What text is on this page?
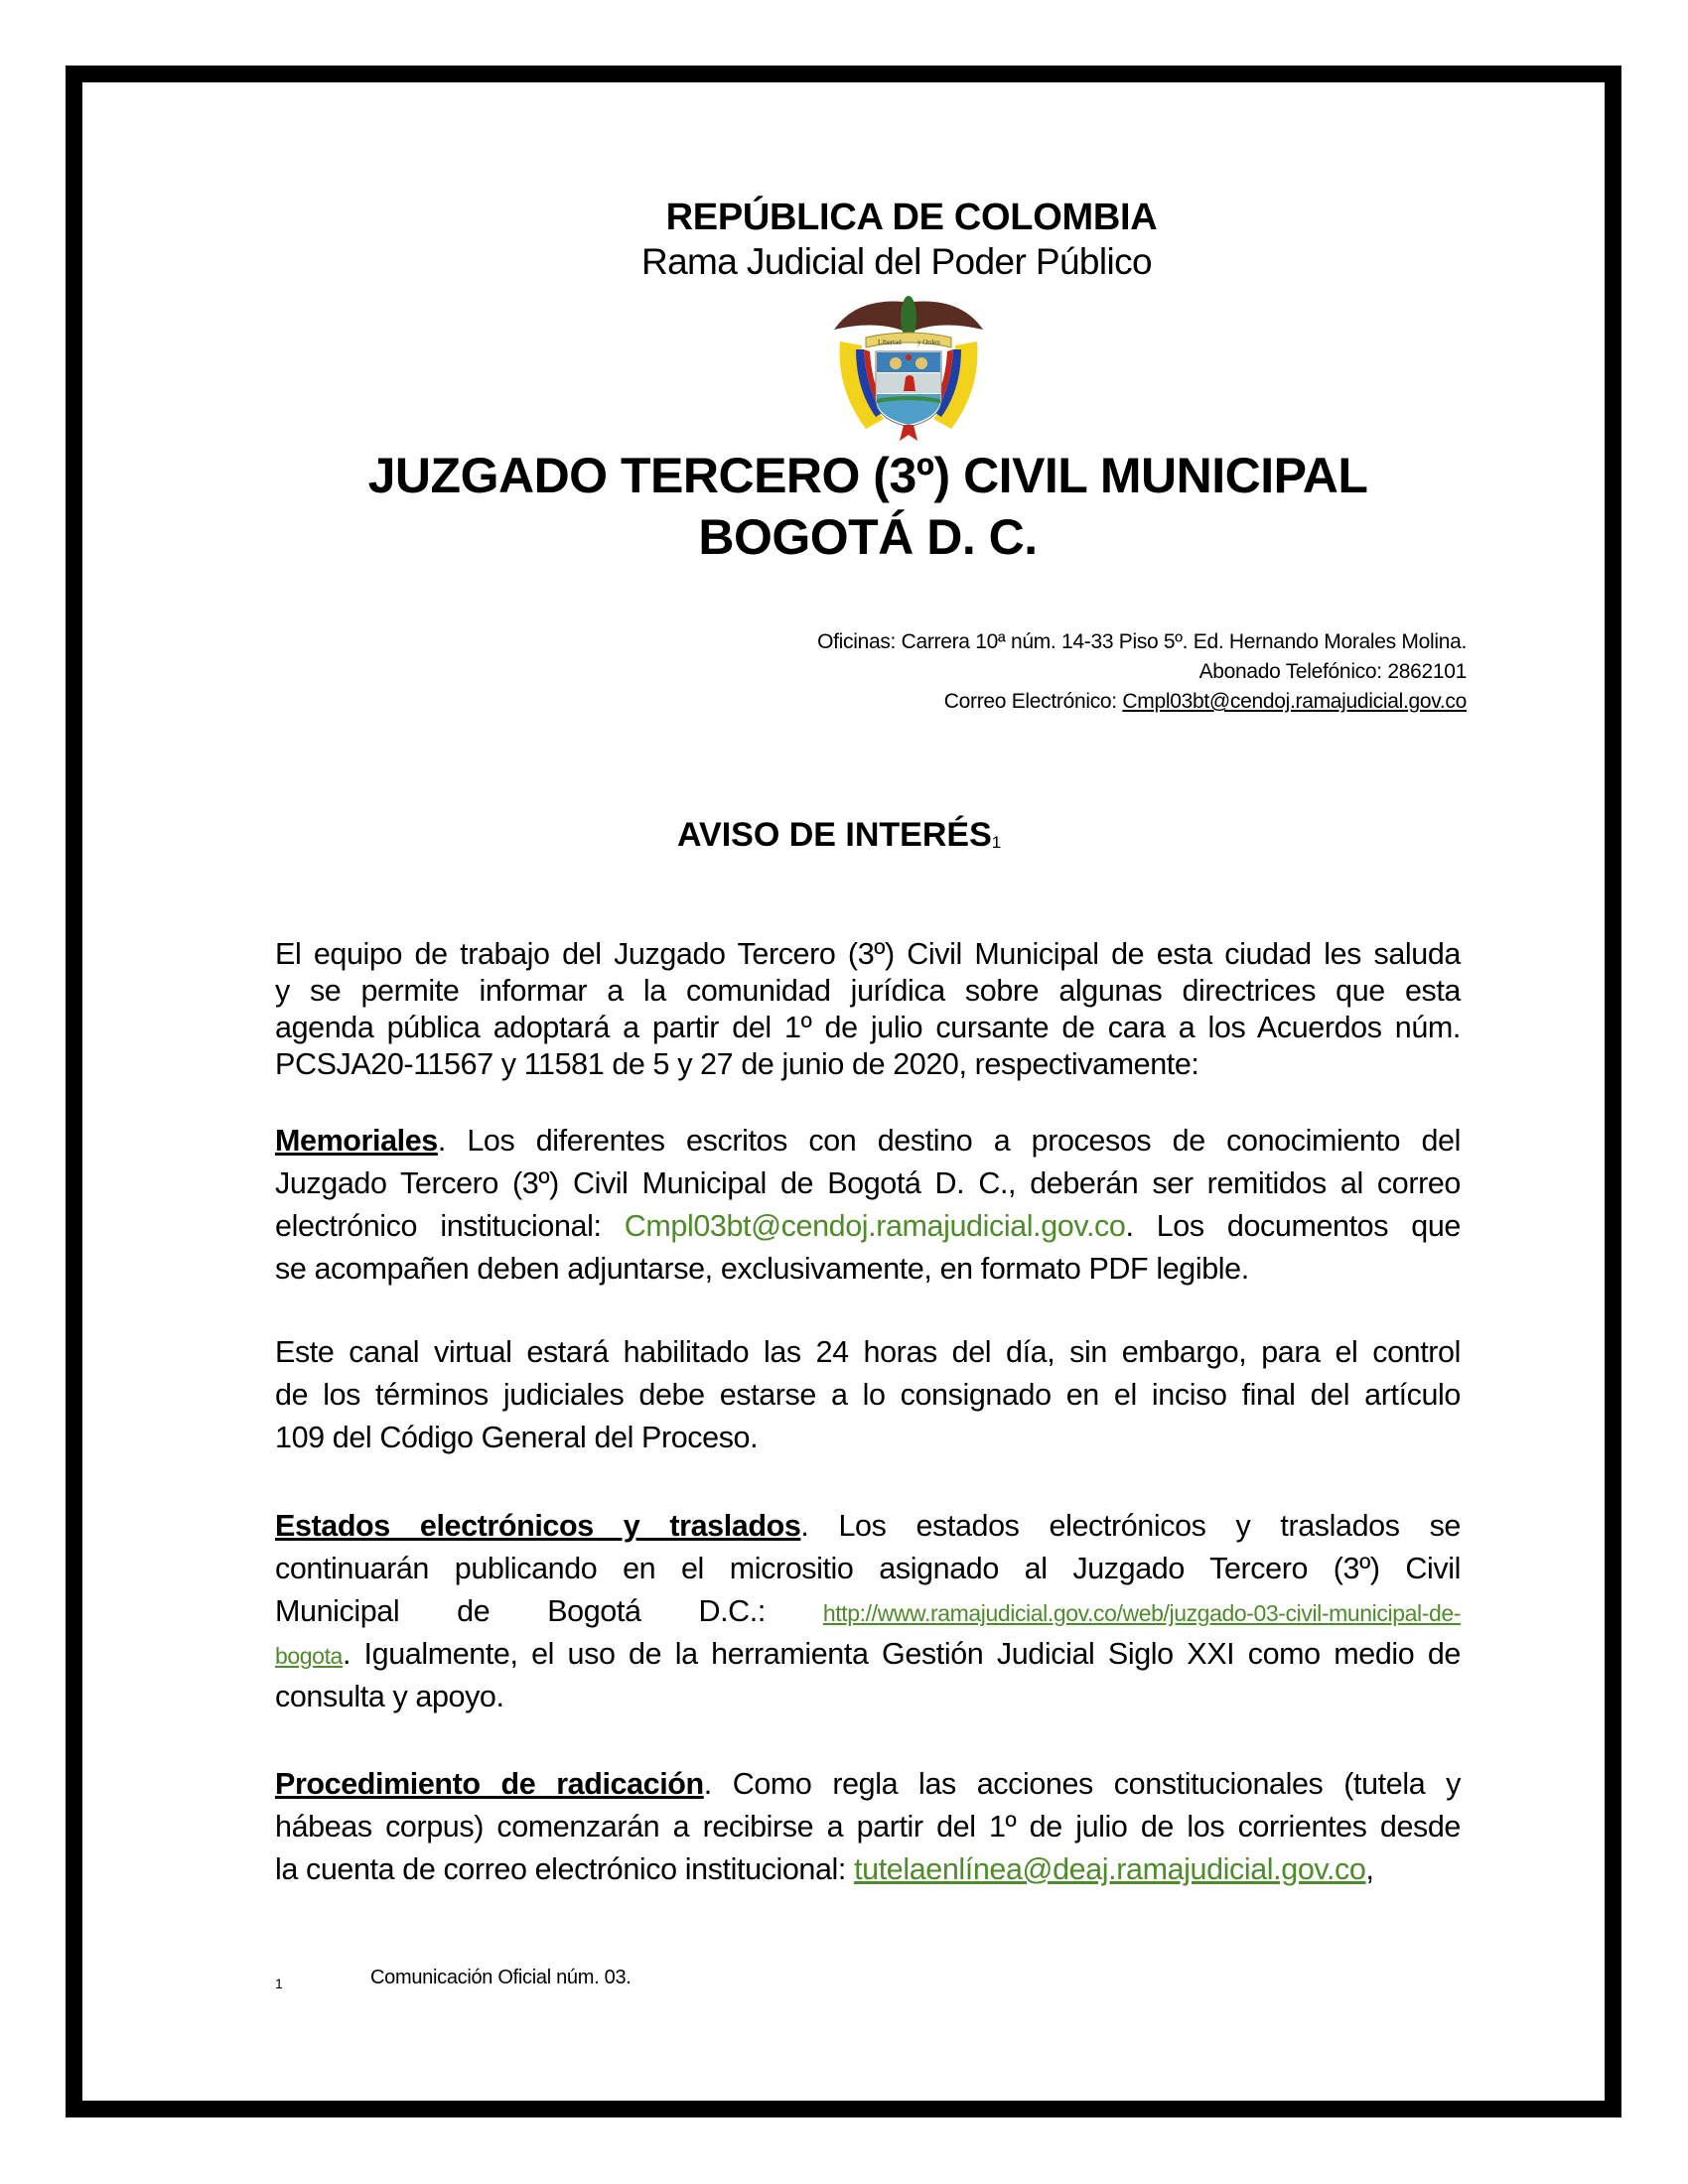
REPÚBLICA DE COLOMBIA
Rama Judicial del Poder Público
Libertad y Orden
JUZGADO TERCERO (3º) CIVIL MUNICIPAL
BOGOTÁ D. C.
Oficinas: Carrera 10ª núm. 14-33 Piso 5º. Ed. Hernando Morales Molina.
Abonado Telefónico: 2862101
Correo Electrónico: Cmpl03bt@cendoj.ramajudicial.gov.co
AVISO DE $INTERÉS_1$
El equipo de trabajo del Juzgado Tercero (3º) Civil Municipal de esta ciudad les saluda
y se permite informar a la comunidad jurídica sobre algunas directrices que esta
agenda pública adoptará a partir del 1º de julio cursante de cara a los Acuerdos núm.
PCSJA20-11567 y 11581 de 5 y 27 de junio de 2020, respectivamente:
Memoriales. Los diferentes escritos con destino a procesos de conocimiento del
Juzgado Tercero (3º) Civil Municipal de Bogotá D. C., deberán ser remitidos al correo
electrónico institucional: Cmpl03bt@cendoj.ramajudicial.gov.co. Los documentos que
se acompañen deben adjuntarse, exclusivamente, en formato PDF legible.
Este canal virtual estará habilitado las 24 horas del día, sin embargo, para el control
de los términos judiciales debe estarse a lo consignado en el inciso final del artículo
109 del Código General del Proceso.
Estados electrónicos y traslados. Los estados electrónicos y traslados se
continuarán publicando en el micrositio asignado al Juzgado Tercero (3º) Civil
Municipal de Bogotá D.C.: http://www.ramajudicial.gov.co/web/juzgado-03-civil-municipal-de-
bogota. Igualmente, el uso de la herramienta Gestión Judicial Siglo XXI como medio de
consulta y apoyo.
Procedimiento de radicación. Como regla las acciones constitucionales (tutela y
hábeas corpus) comenzarán a recibirse a partir del 1º de julio de los corrientes desde
la cuenta de correo electrónico institucional: tutelaenlínea@deaj.ramajudicial.gov.co,
1	Comunicación Oficial núm. 03.
